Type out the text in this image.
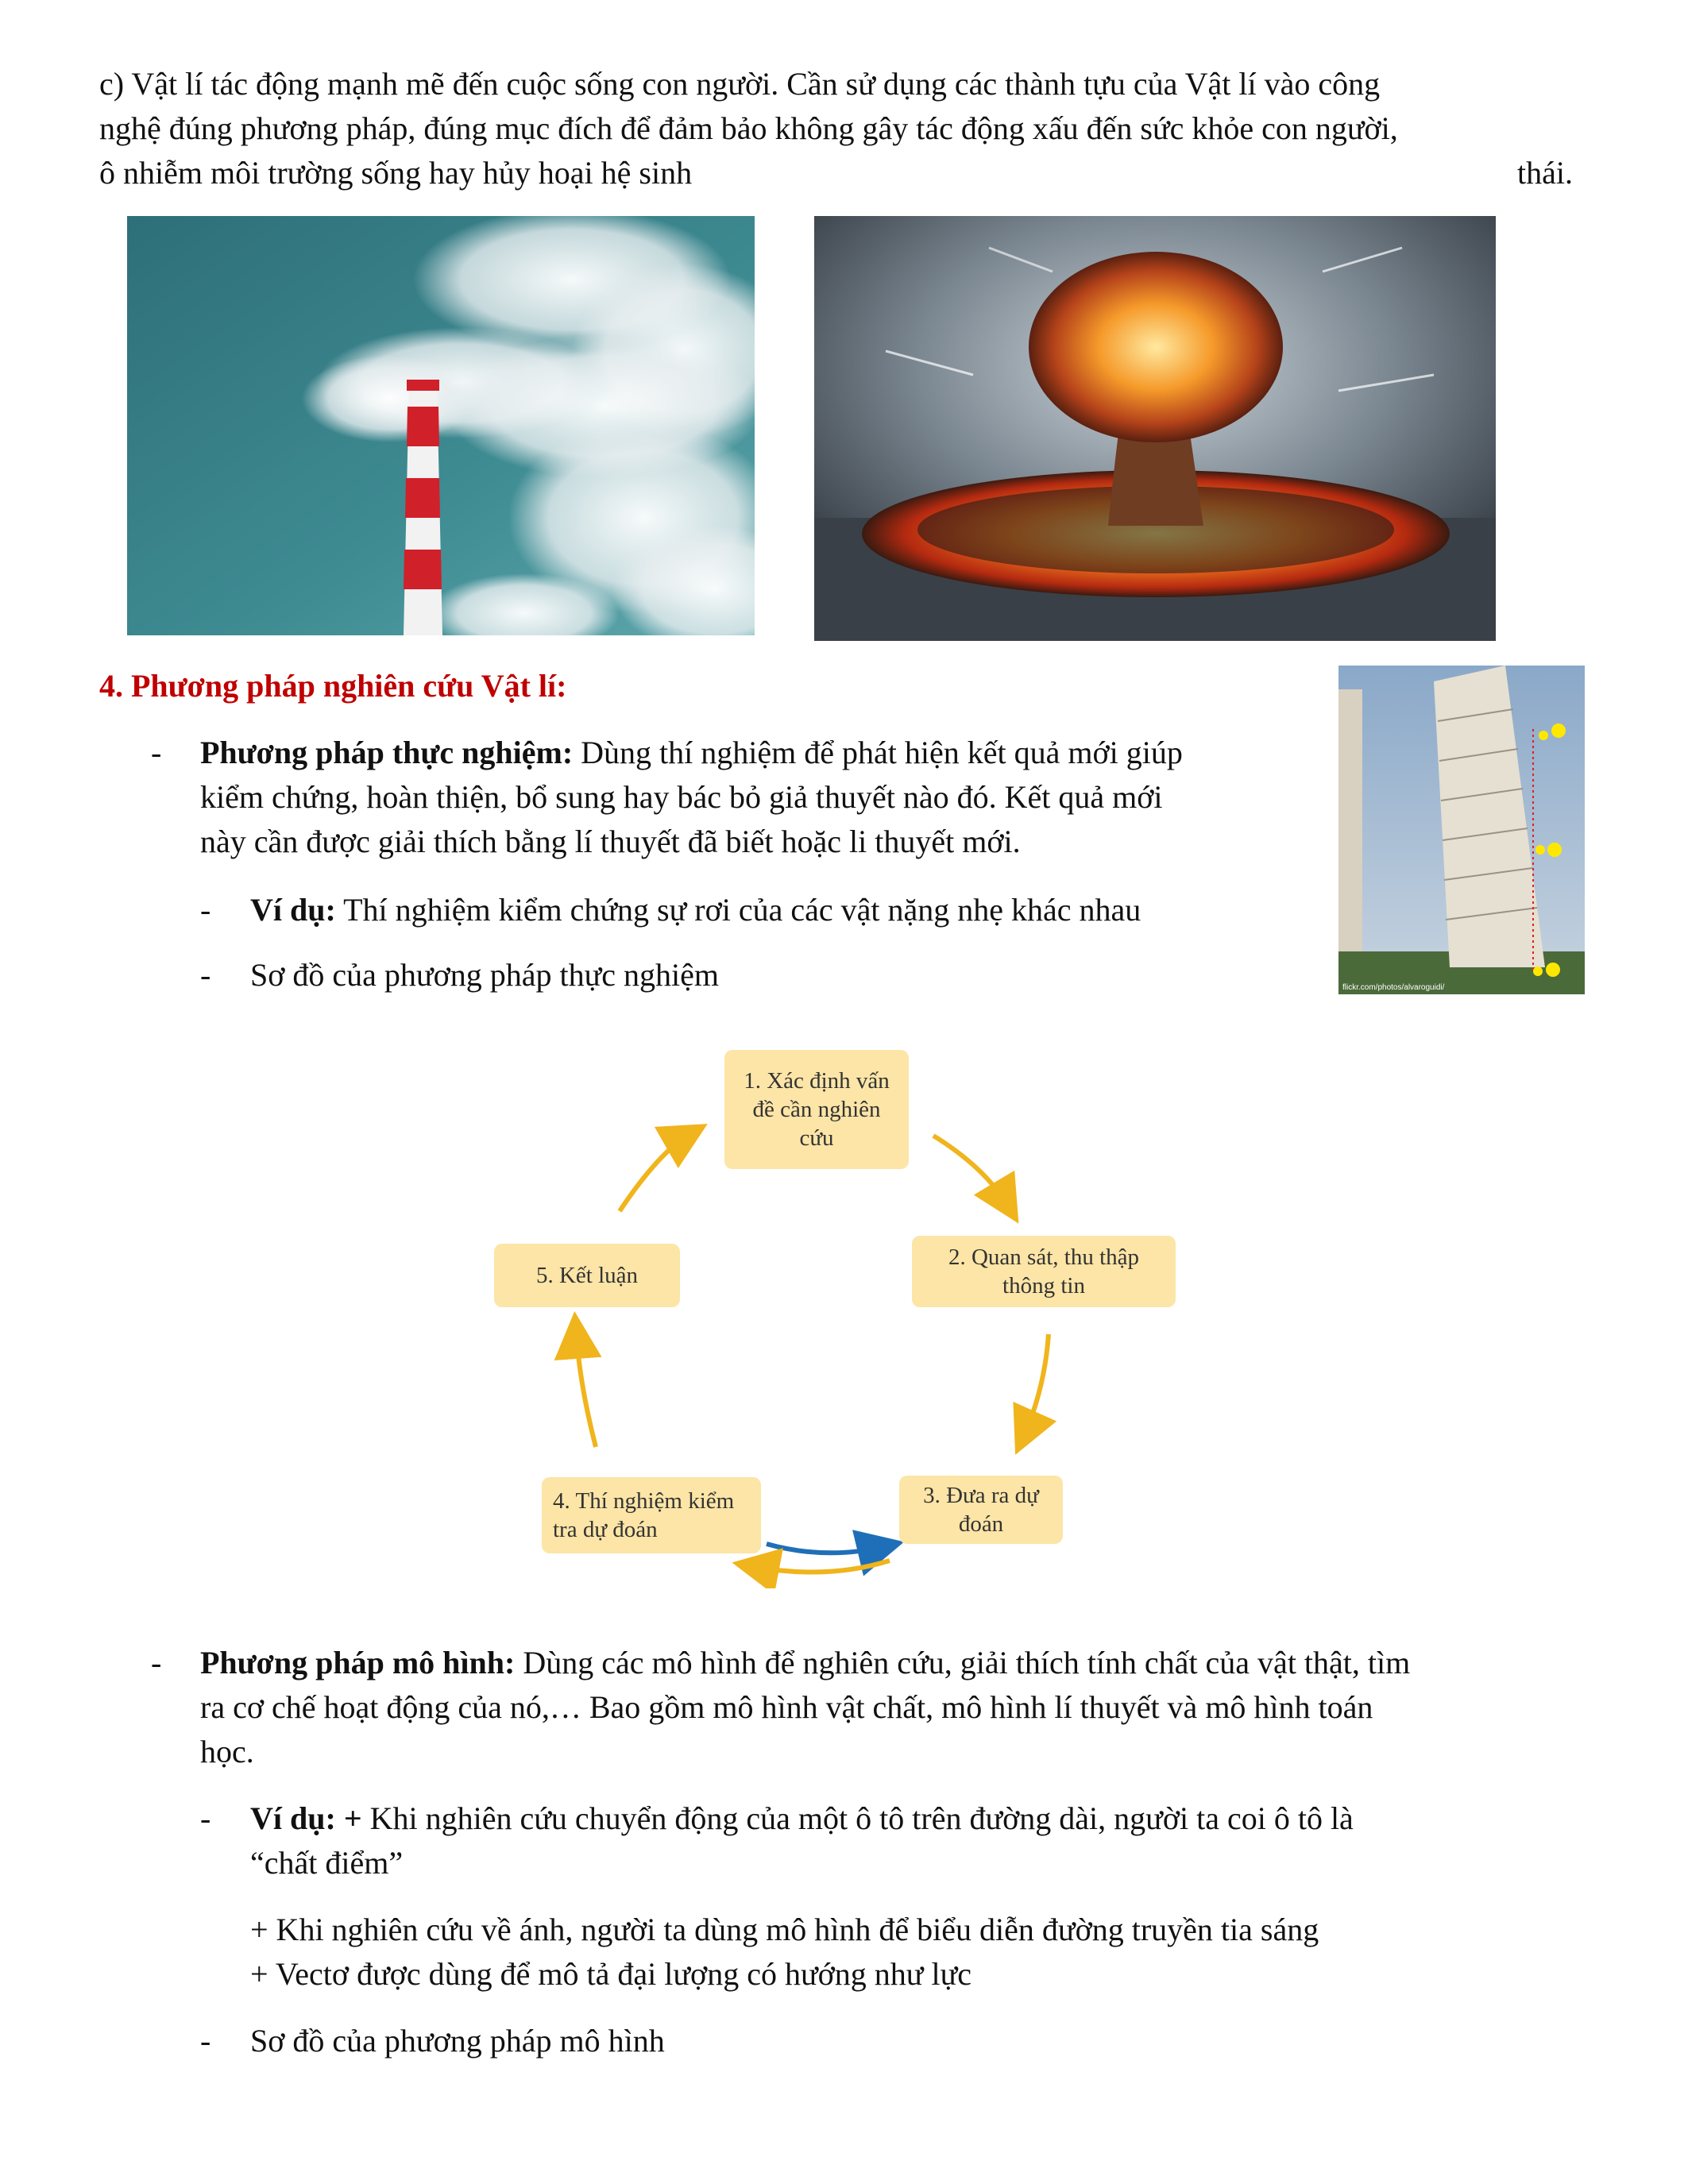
c) Vật lí tác động mạnh mẽ đến cuộc sống con người. Cần sử dụng các thành tựu của Vật lí vào công
nghệ đúng phương pháp, đúng mục đích để đảm bảo không gây tác động xấu đến sức khỏe con người,
ô nhiễm môi trường sống hay hủy hoại hệ sinh	thái.
4. Phương pháp nghiên cứu Vật lí:
flickr.com/photos/alvaroguidi/
- Phương pháp thực nghiệm: Dùng thí nghiệm để phát hiện kết quả mới giúp
kiểm chứng, hoàn thiện, bổ sung hay bác bỏ giả thuyết nào đó. Kết quả mới
này cần được giải thích bằng lí thuyết đã biết hoặc li thuyết mới.
- Ví dụ: Thí nghiệm kiểm chứng sự rơi của các vật nặng nhẹ khác nhau
- Sơ đồ của phương pháp thực nghiệm
1. Xác định vấn đề cần nghiên cứu
2. Quan sát, thu thập thông tin
3. Đưa ra dự đoán
4. Thí nghiệm kiểm tra dự đoán
5. Kết luận
- Phương pháp mô hình: Dùng các mô hình để nghiên cứu, giải thích tính chất của vật thật, tìm
ra cơ chế hoạt động của nó,… Bao gồm mô hình vật chất, mô hình lí thuyết và mô hình toán
học.
- Ví dụ: + Khi nghiên cứu chuyển động của một ô tô trên đường dài, người ta coi ô tô là
“chất điểm”
+ Khi nghiên cứu về ánh, người ta dùng mô hình để biểu diễn đường truyền tia sáng
+ Vectơ được dùng để mô tả đại lượng có hướng như lực
- Sơ đồ của phương pháp mô hình
